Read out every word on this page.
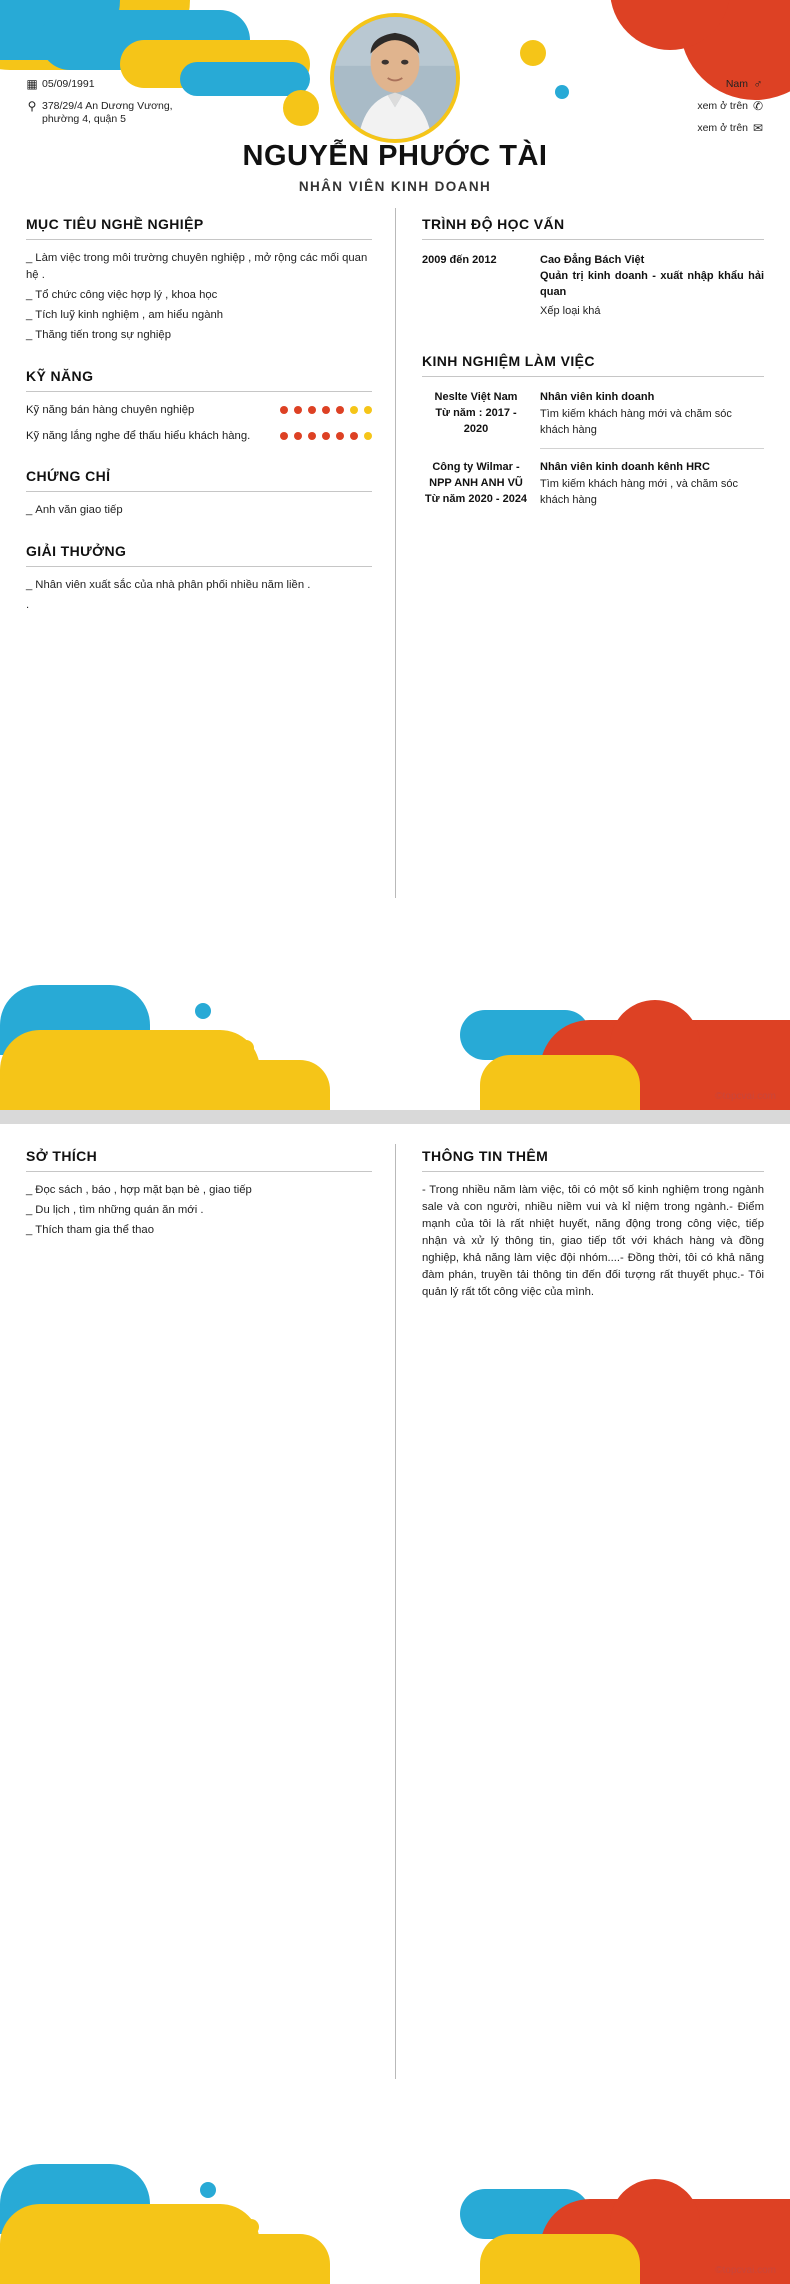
▦ 05/09/1991
⚲ 378/29/4 An Dương Vương, phường 4, quận 5
Nam ♂
xem ở trên ✆
xem ở trên ✉
NGUYỄN PHƯỚC TÀI
NHÂN VIÊN KINH DOANH
MỤC TIÊU NGHỀ NGHIỆP
_ Làm việc trong môi trường chuyên nghiệp , mở rộng các mối quan hệ .
_ Tổ chức công việc hợp lý , khoa học
_ Tích luỹ kinh nghiệm , am hiểu ngành
_ Thăng tiến trong sự nghiệp
KỸ NĂNG
Kỹ năng bán hàng chuyên nghiệp
Kỹ năng lắng nghe để thấu hiểu khách hàng.
CHỨNG CHỈ
_ Anh văn giao tiếp
GIẢI THƯỞNG
_ Nhân viên xuất sắc của nhà phân phối nhiều năm liền .
.
TRÌNH ĐỘ HỌC VẤN
2009 đến 2012	Cao Đẳng Bách Việt
Quản trị kinh doanh - xuất nhập khẩu hải quan
Xếp loại khá
KINH NGHIỆM LÀM VIỆC
Neslte Việt Nam
Từ năm : 2017 - 2020
Nhân viên kinh doanh
Tìm kiếm khách hàng mới và chăm sóc khách hàng
Công ty Wilmar - NPP ANH ANH VŨ
Từ năm 2020 - 2024
Nhân viên kinh doanh kênh HRC
Tìm kiếm khách hàng mới , và chăm sóc khách hàng
©topcvai.com
SỞ THÍCH
_ Đọc sách , báo , hợp mặt bạn bè , giao tiếp
_ Du lịch , tìm những quán ăn mới .
_ Thích tham gia thể thao
THÔNG TIN THÊM
- Trong nhiều năm làm việc, tôi có một số kinh nghiệm trong ngành sale và con người, nhiều niềm vui và kỉ niệm trong ngành.- Điểm mạnh của tôi là rất nhiệt huyết, năng động trong công việc, tiếp nhận và xử lý thông tin, giao tiếp tốt với khách hàng và đồng nghiệp, khả năng làm việc đội nhóm....- Đồng thời, tôi có khả năng đàm phán, truyền tải thông tin đến đối tượng rất thuyết phục.- Tôi quản lý rất tốt công việc của mình.
©topcvai.com
